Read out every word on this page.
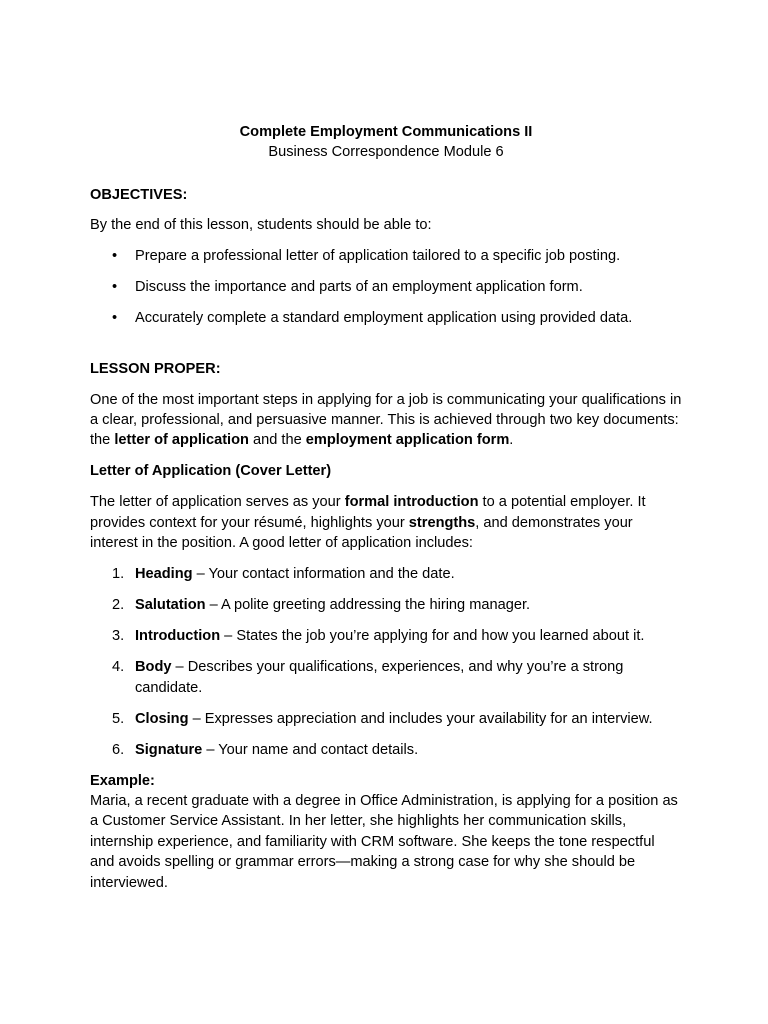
Complete Employment Communications II
Business Correspondence Module 6
OBJECTIVES:

By the end of this lesson, students should be able to:

• Prepare a professional letter of application tailored to a specific job posting.
• Discuss the importance and parts of an employment application form.
• Accurately complete a standard employment application using provided data.
LESSON PROPER:

One of the most important steps in applying for a job is communicating your qualifications in a clear, professional, and persuasive manner. This is achieved through two key documents: the letter of application and the employment application form.

Letter of Application (Cover Letter)

The letter of application serves as your formal introduction to a potential employer. It provides context for your résumé, highlights your strengths, and demonstrates your interest in the position. A good letter of application includes:

1. Heading – Your contact information and the date.
2. Salutation – A polite greeting addressing the hiring manager.
3. Introduction – States the job you’re applying for and how you learned about it.
4. Body – Describes your qualifications, experiences, and why you’re a strong candidate.
5. Closing – Expresses appreciation and includes your availability for an interview.
6. Signature – Your name and contact details.
Example:
Maria, a recent graduate with a degree in Office Administration, is applying for a position as a Customer Service Assistant. In her letter, she highlights her communication skills, internship experience, and familiarity with CRM software. She keeps the tone respectful and avoids spelling or grammar errors—making a strong case for why she should be interviewed.
